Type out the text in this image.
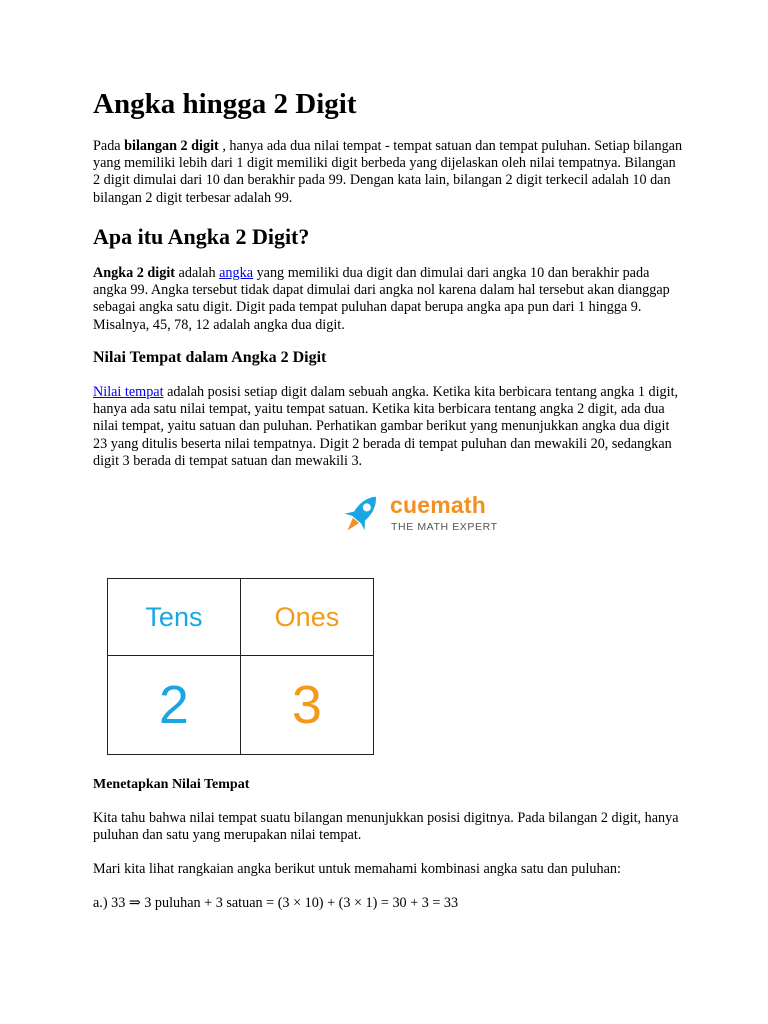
Angka hingga 2 Digit

Pada bilangan 2 digit , hanya ada dua nilai tempat - tempat satuan dan tempat puluhan. Setiap bilangan yang memiliki lebih dari 1 digit memiliki digit berbeda yang dijelaskan oleh nilai tempatnya. Bilangan 2 digit dimulai dari 10 dan berakhir pada 99. Dengan kata lain, bilangan 2 digit terkecil adalah 10 dan bilangan 2 digit terbesar adalah 99.

Apa itu Angka 2 Digit?

Angka 2 digit adalah angka yang memiliki dua digit dan dimulai dari angka 10 dan berakhir pada angka 99. Angka tersebut tidak dapat dimulai dari angka nol karena dalam hal tersebut akan dianggap sebagai angka satu digit. Digit pada tempat puluhan dapat berupa angka apa pun dari 1 hingga 9. Misalnya, 45, 78, 12 adalah angka dua digit.

Nilai Tempat dalam Angka 2 Digit

Nilai tempat adalah posisi setiap digit dalam sebuah angka. Ketika kita berbicara tentang angka 1 digit, hanya ada satu nilai tempat, yaitu tempat satuan. Ketika kita berbicara tentang angka 2 digit, ada dua nilai tempat, yaitu satuan dan puluhan. Perhatikan gambar berikut yang menunjukkan angka dua digit 23 yang ditulis beserta nilai tempatnya. Digit 2 berada di tempat puluhan dan mewakili 20, sedangkan digit 3 berada di tempat satuan dan mewakili 3.

cuemath
THE MATH EXPERT
Tens	Ones
2	3
Menetapkan Nilai Tempat

Kita tahu bahwa nilai tempat suatu bilangan menunjukkan posisi digitnya. Pada bilangan 2 digit, hanya puluhan dan satu yang merupakan nilai tempat.

Mari kita lihat rangkaian angka berikut untuk memahami kombinasi angka satu dan puluhan:

a.) 33 ⇒ 3 puluhan + 3 satuan = (3 × 10) + (3 × 1) = 30 + 3 = 33
